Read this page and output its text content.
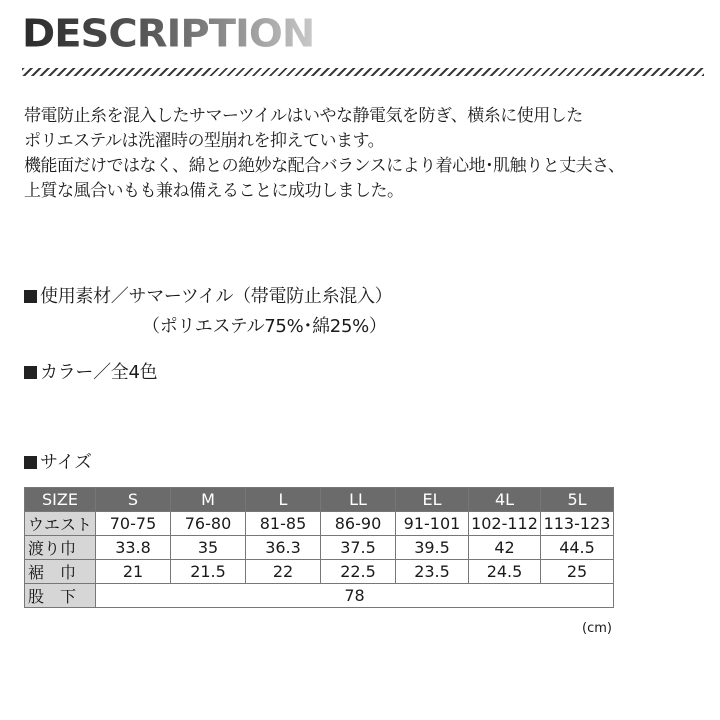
DESCRIPTION

帯電防止糸を混入したサマーツイルはいやな静電気を防ぎ、横糸に使用した
ポリエステルは洗濯時の型崩れを抑えています。
機能面だけではなく、綿との絶妙な配合バランスにより着心地･肌触りと丈夫さ、
上質な風合いもも兼ね備えることに成功しました。

使用素材／サマーツイル（帯電防止糸混入）

（ポリエステル75%･綿25%）

カラー／全4色

サイズ

SIZE	S	M	L	LL	EL	4L	5L
ウエスト	70-75	76-80	81-85	86-90	91-101	102-112	113-123
渡り巾	33.8	35	36.3	37.5	39.5	42	44.5
裾　巾	21	21.5	22	22.5	23.5	24.5	25
股　下	78						
(cm)
